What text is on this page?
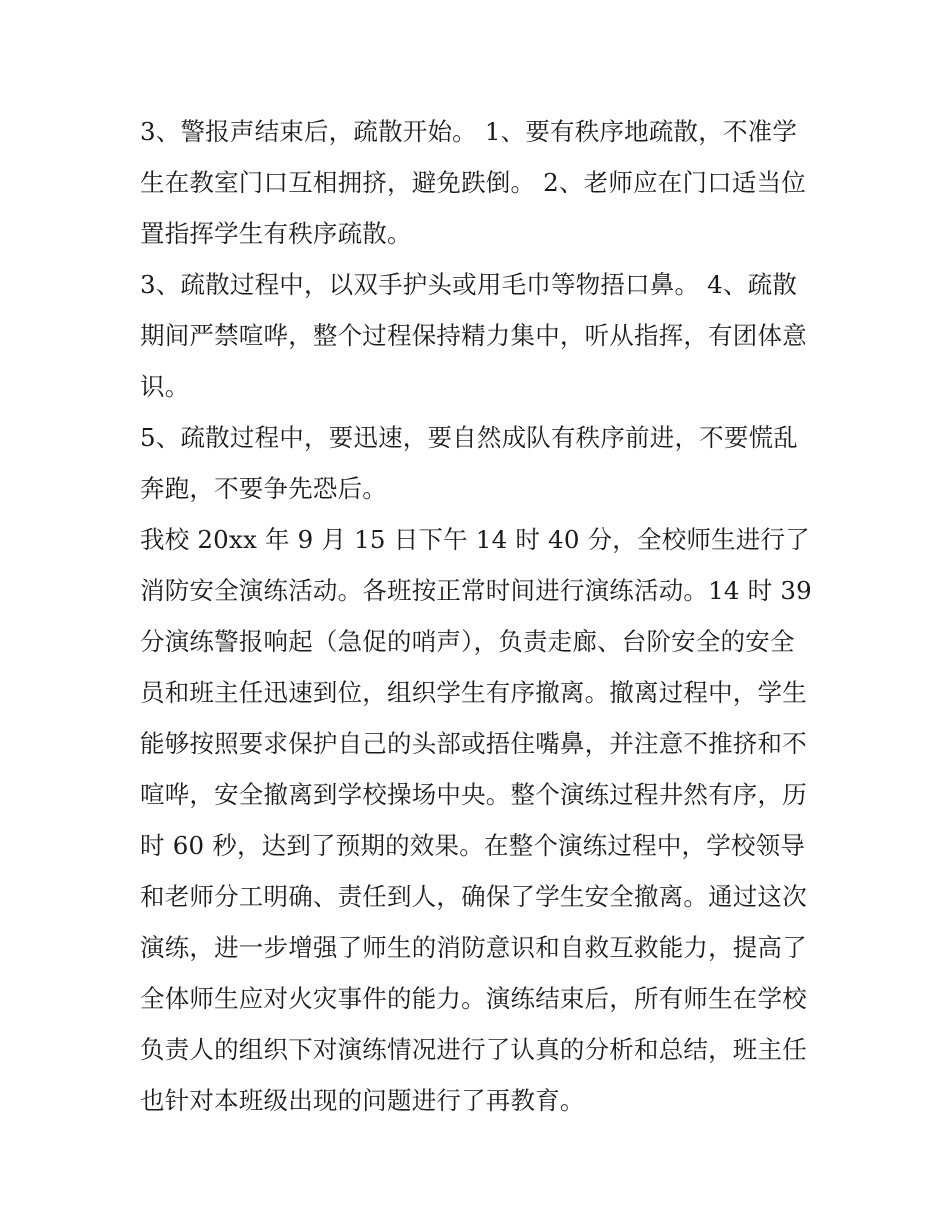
3、警报声结束后，疏散开始。 1、要有秩序地疏散，不准学生在教室门口互相拥挤，避免跌倒。 2、老师应在门口适当位置指挥学生有秩序疏散。

3、疏散过程中，以双手护头或用毛巾等物捂口鼻。 4、疏散期间严禁喧哗，整个过程保持精力集中，听从指挥，有团体意识。

5、疏散过程中，要迅速，要自然成队有秩序前进，不要慌乱奔跑，不要争先恐后。

我校 20xx 年 9 月 15 日下午 14 时 40 分，全校师生进行了消防安全演练活动。各班按正常时间进行演练活动。14 时 39 分演练警报响起（急促的哨声），负责走廊、台阶安全的安全员和班主任迅速到位，组织学生有序撤离。撤离过程中，学生能够按照要求保护自己的头部或捂住嘴鼻，并注意不推挤和不喧哗，安全撤离到学校操场中央。整个演练过程井然有序，历时 60 秒，达到了预期的效果。在整个演练过程中，学校领导和老师分工明确、责任到人，确保了学生安全撤离。通过这次演练，进一步增强了师生的消防意识和自救互救能力，提高了全体师生应对火灾事件的能力。演练结束后，所有师生在学校负责人的组织下对演练情况进行了认真的分析和总结，班主任也针对本班级出现的问题进行了再教育。
